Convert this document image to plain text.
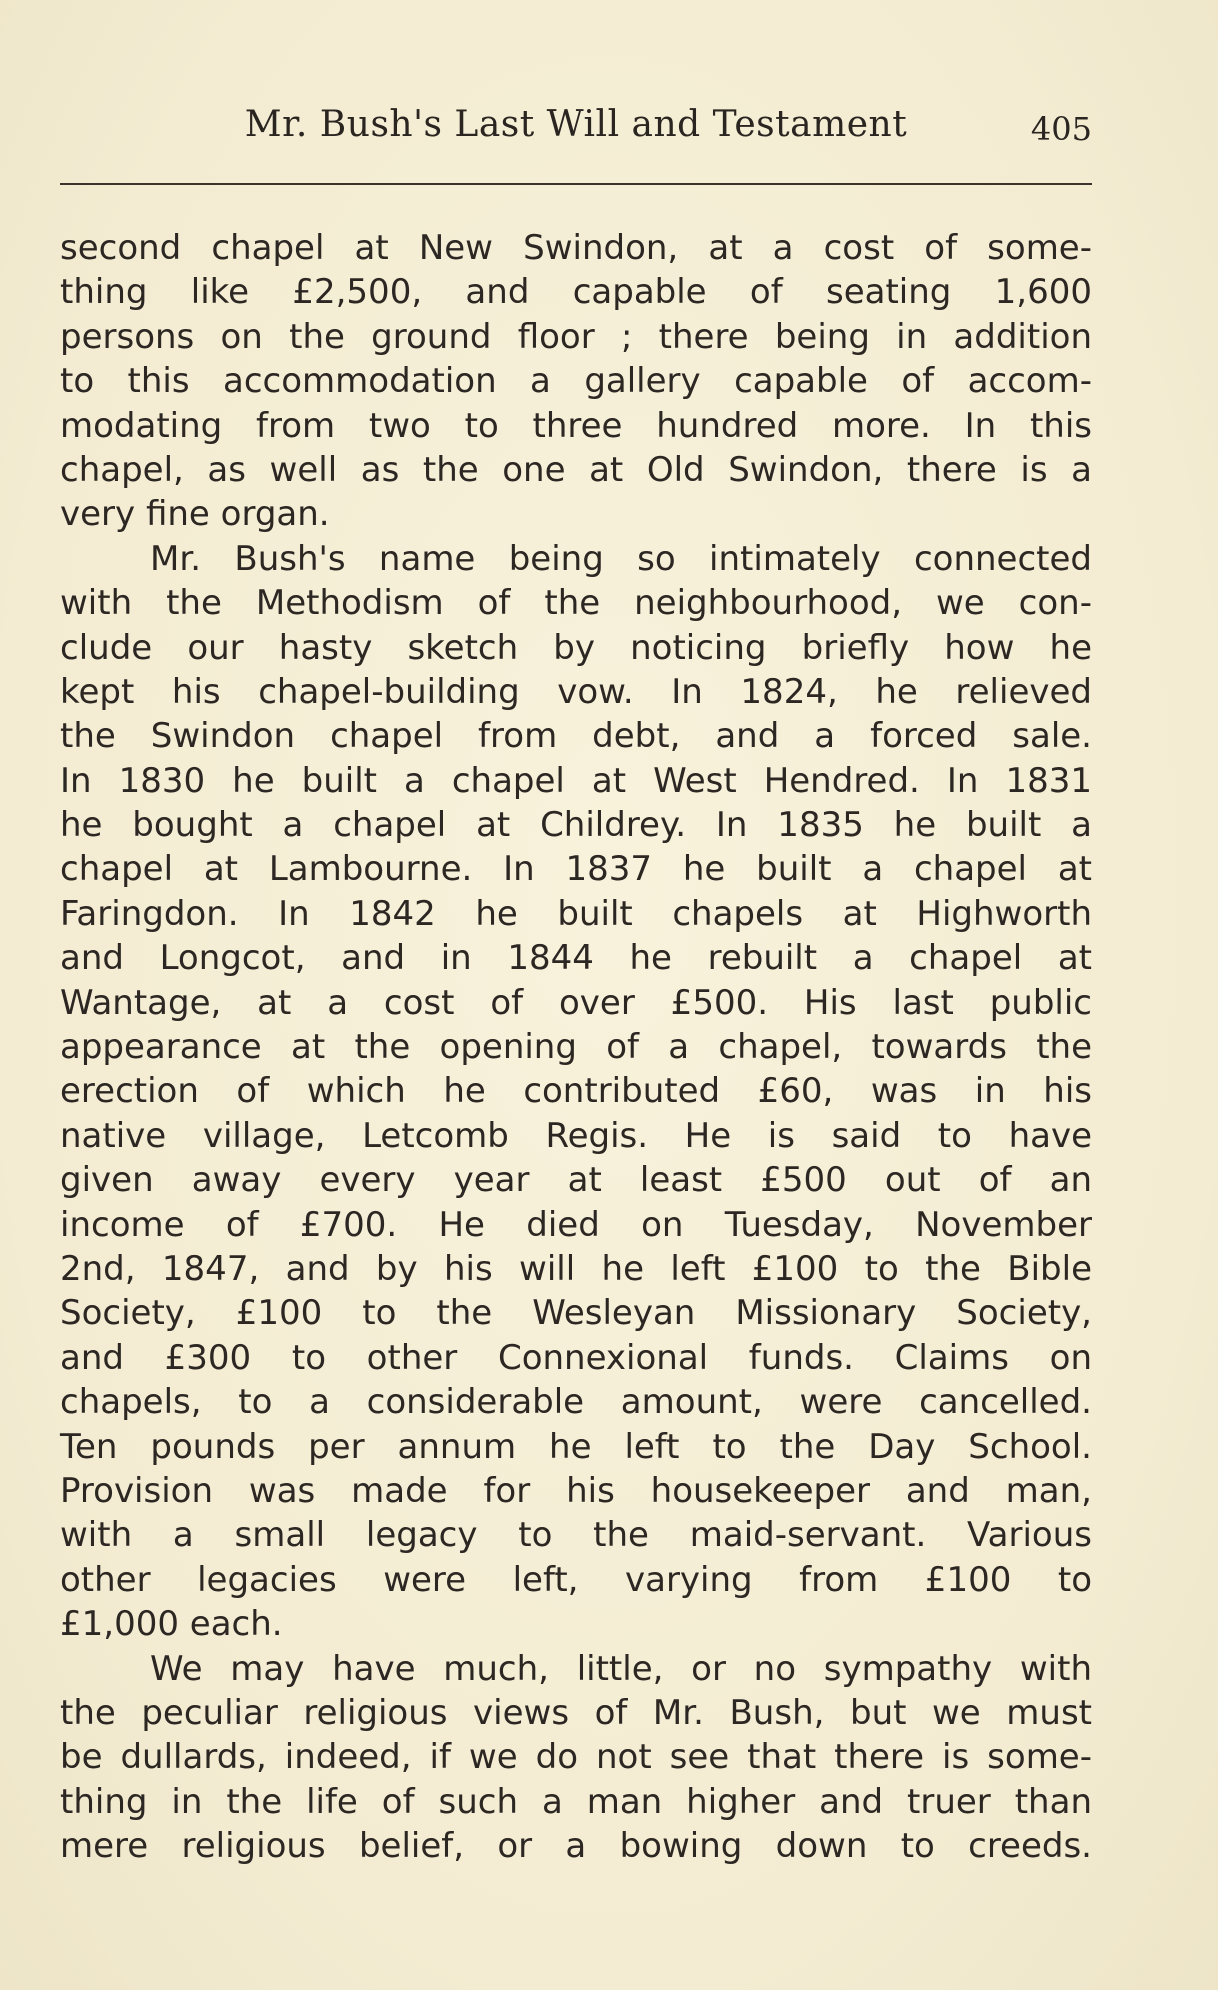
Mr. Bush's Last Will and Testament	405
second chapel at New Swindon, at a cost of some-
thing like £2,500, and capable of seating 1,600
persons on the ground floor ; there being in addition
to this accommodation a gallery capable of accom-
modating from two to three hundred more. In this
chapel, as well as the one at Old Swindon, there is a
very fine organ.
Mr. Bush's name being so intimately connected
with the Methodism of the neighbourhood, we con-
clude our hasty sketch by noticing briefly how he
kept his chapel-building vow. In 1824, he relieved
the Swindon chapel from debt, and a forced sale.
In 1830 he built a chapel at West Hendred. In 1831
he bought a chapel at Childrey. In 1835 he built a
chapel at Lambourne. In 1837 he built a chapel at
Faringdon. In 1842 he built chapels at Highworth
and Longcot, and in 1844 he rebuilt a chapel at
Wantage, at a cost of over £500. His last public
appearance at the opening of a chapel, towards the
erection of which he contributed £60, was in his
native village, Letcomb Regis. He is said to have
given away every year at least £500 out of an
income of £700. He died on Tuesday, November
2nd, 1847, and by his will he left £100 to the Bible
Society, £100 to the Wesleyan Missionary Society,
and £300 to other Connexional funds. Claims on
chapels, to a considerable amount, were cancelled.
Ten pounds per annum he left to the Day School.
Provision was made for his housekeeper and man,
with a small legacy to the maid-servant. Various
other legacies were left, varying from £100 to
£1,000 each.
We may have much, little, or no sympathy with
the peculiar religious views of Mr. Bush, but we must
be dullards, indeed, if we do not see that there is some-
thing in the life of such a man higher and truer than
mere religious belief, or a bowing down to creeds.
